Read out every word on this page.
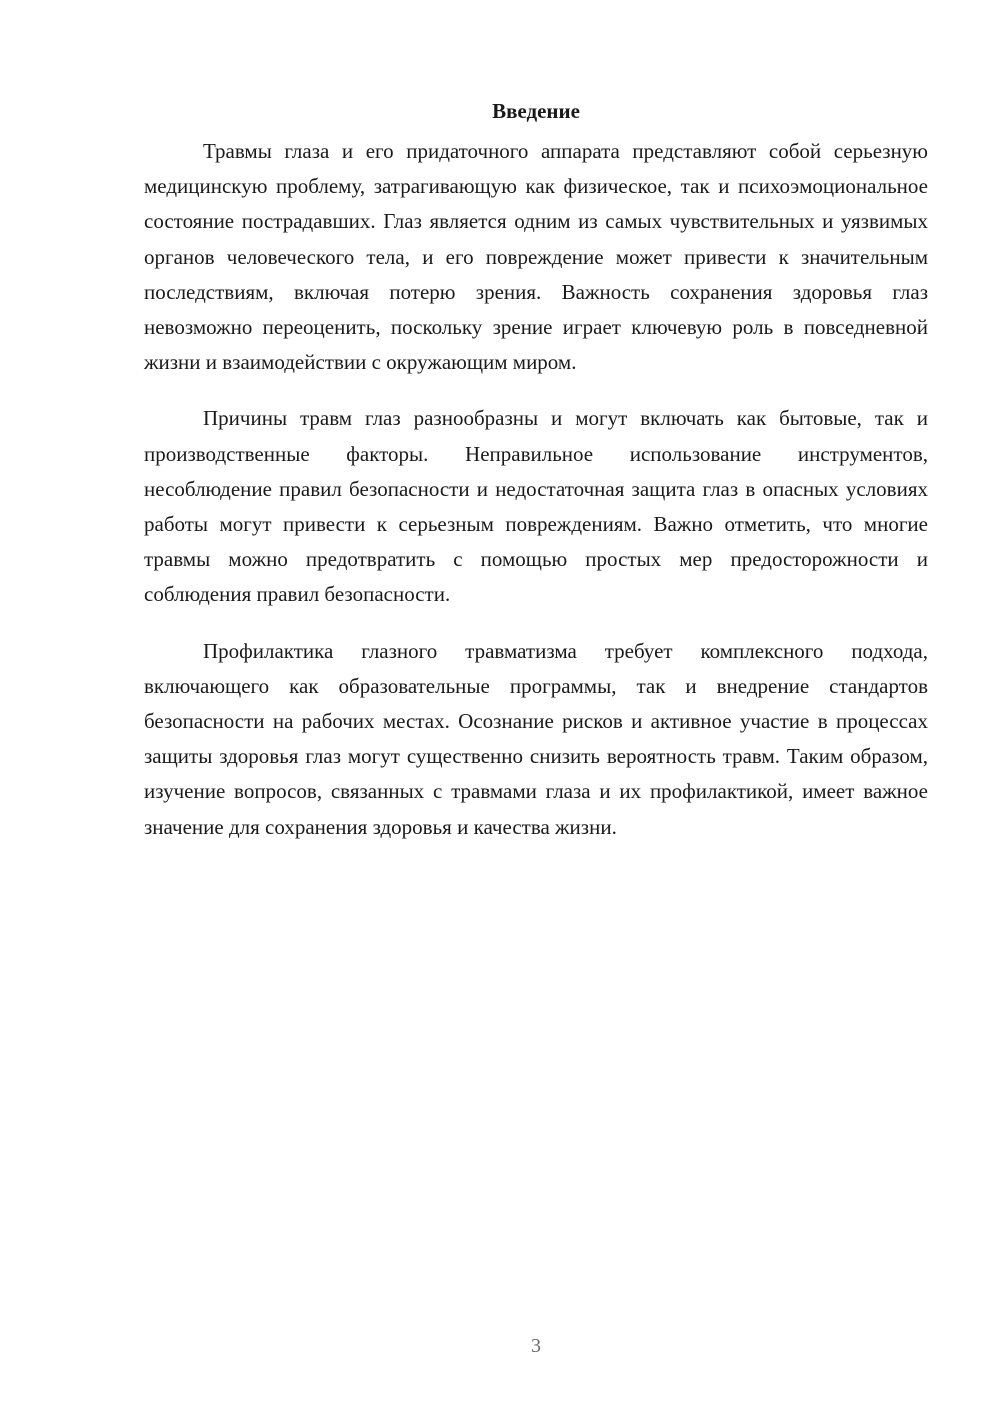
Введение

Травмы глаза и его придаточного аппарата представляют собой серьезную медицинскую проблему, затрагивающую как физическое, так и психоэмоциональное состояние пострадавших. Глаз является одним из самых чувствительных и уязвимых органов человеческого тела, и его повреждение может привести к значительным последствиям, включая потерю зрения. Важность сохранения здоровья глаз невозможно переоценить, поскольку зрение играет ключевую роль в повседневной жизни и взаимодействии с окружающим миром.

Причины травм глаз разнообразны и могут включать как бытовые, так и производственные факторы. Неправильное использование инструментов, несоблюдение правил безопасности и недостаточная защита глаз в опасных условиях работы могут привести к серьезным повреждениям. Важно отметить, что многие травмы можно предотвратить с помощью простых мер предосторожности и соблюдения правил безопасности.

Профилактика глазного травматизма требует комплексного подхода, включающего как образовательные программы, так и внедрение стандартов безопасности на рабочих местах. Осознание рисков и активное участие в процессах защиты здоровья глаз могут существенно снизить вероятность травм. Таким образом, изучение вопросов, связанных с травмами глаза и их профилактикой, имеет важное значение для сохранения здоровья и качества жизни.

3
